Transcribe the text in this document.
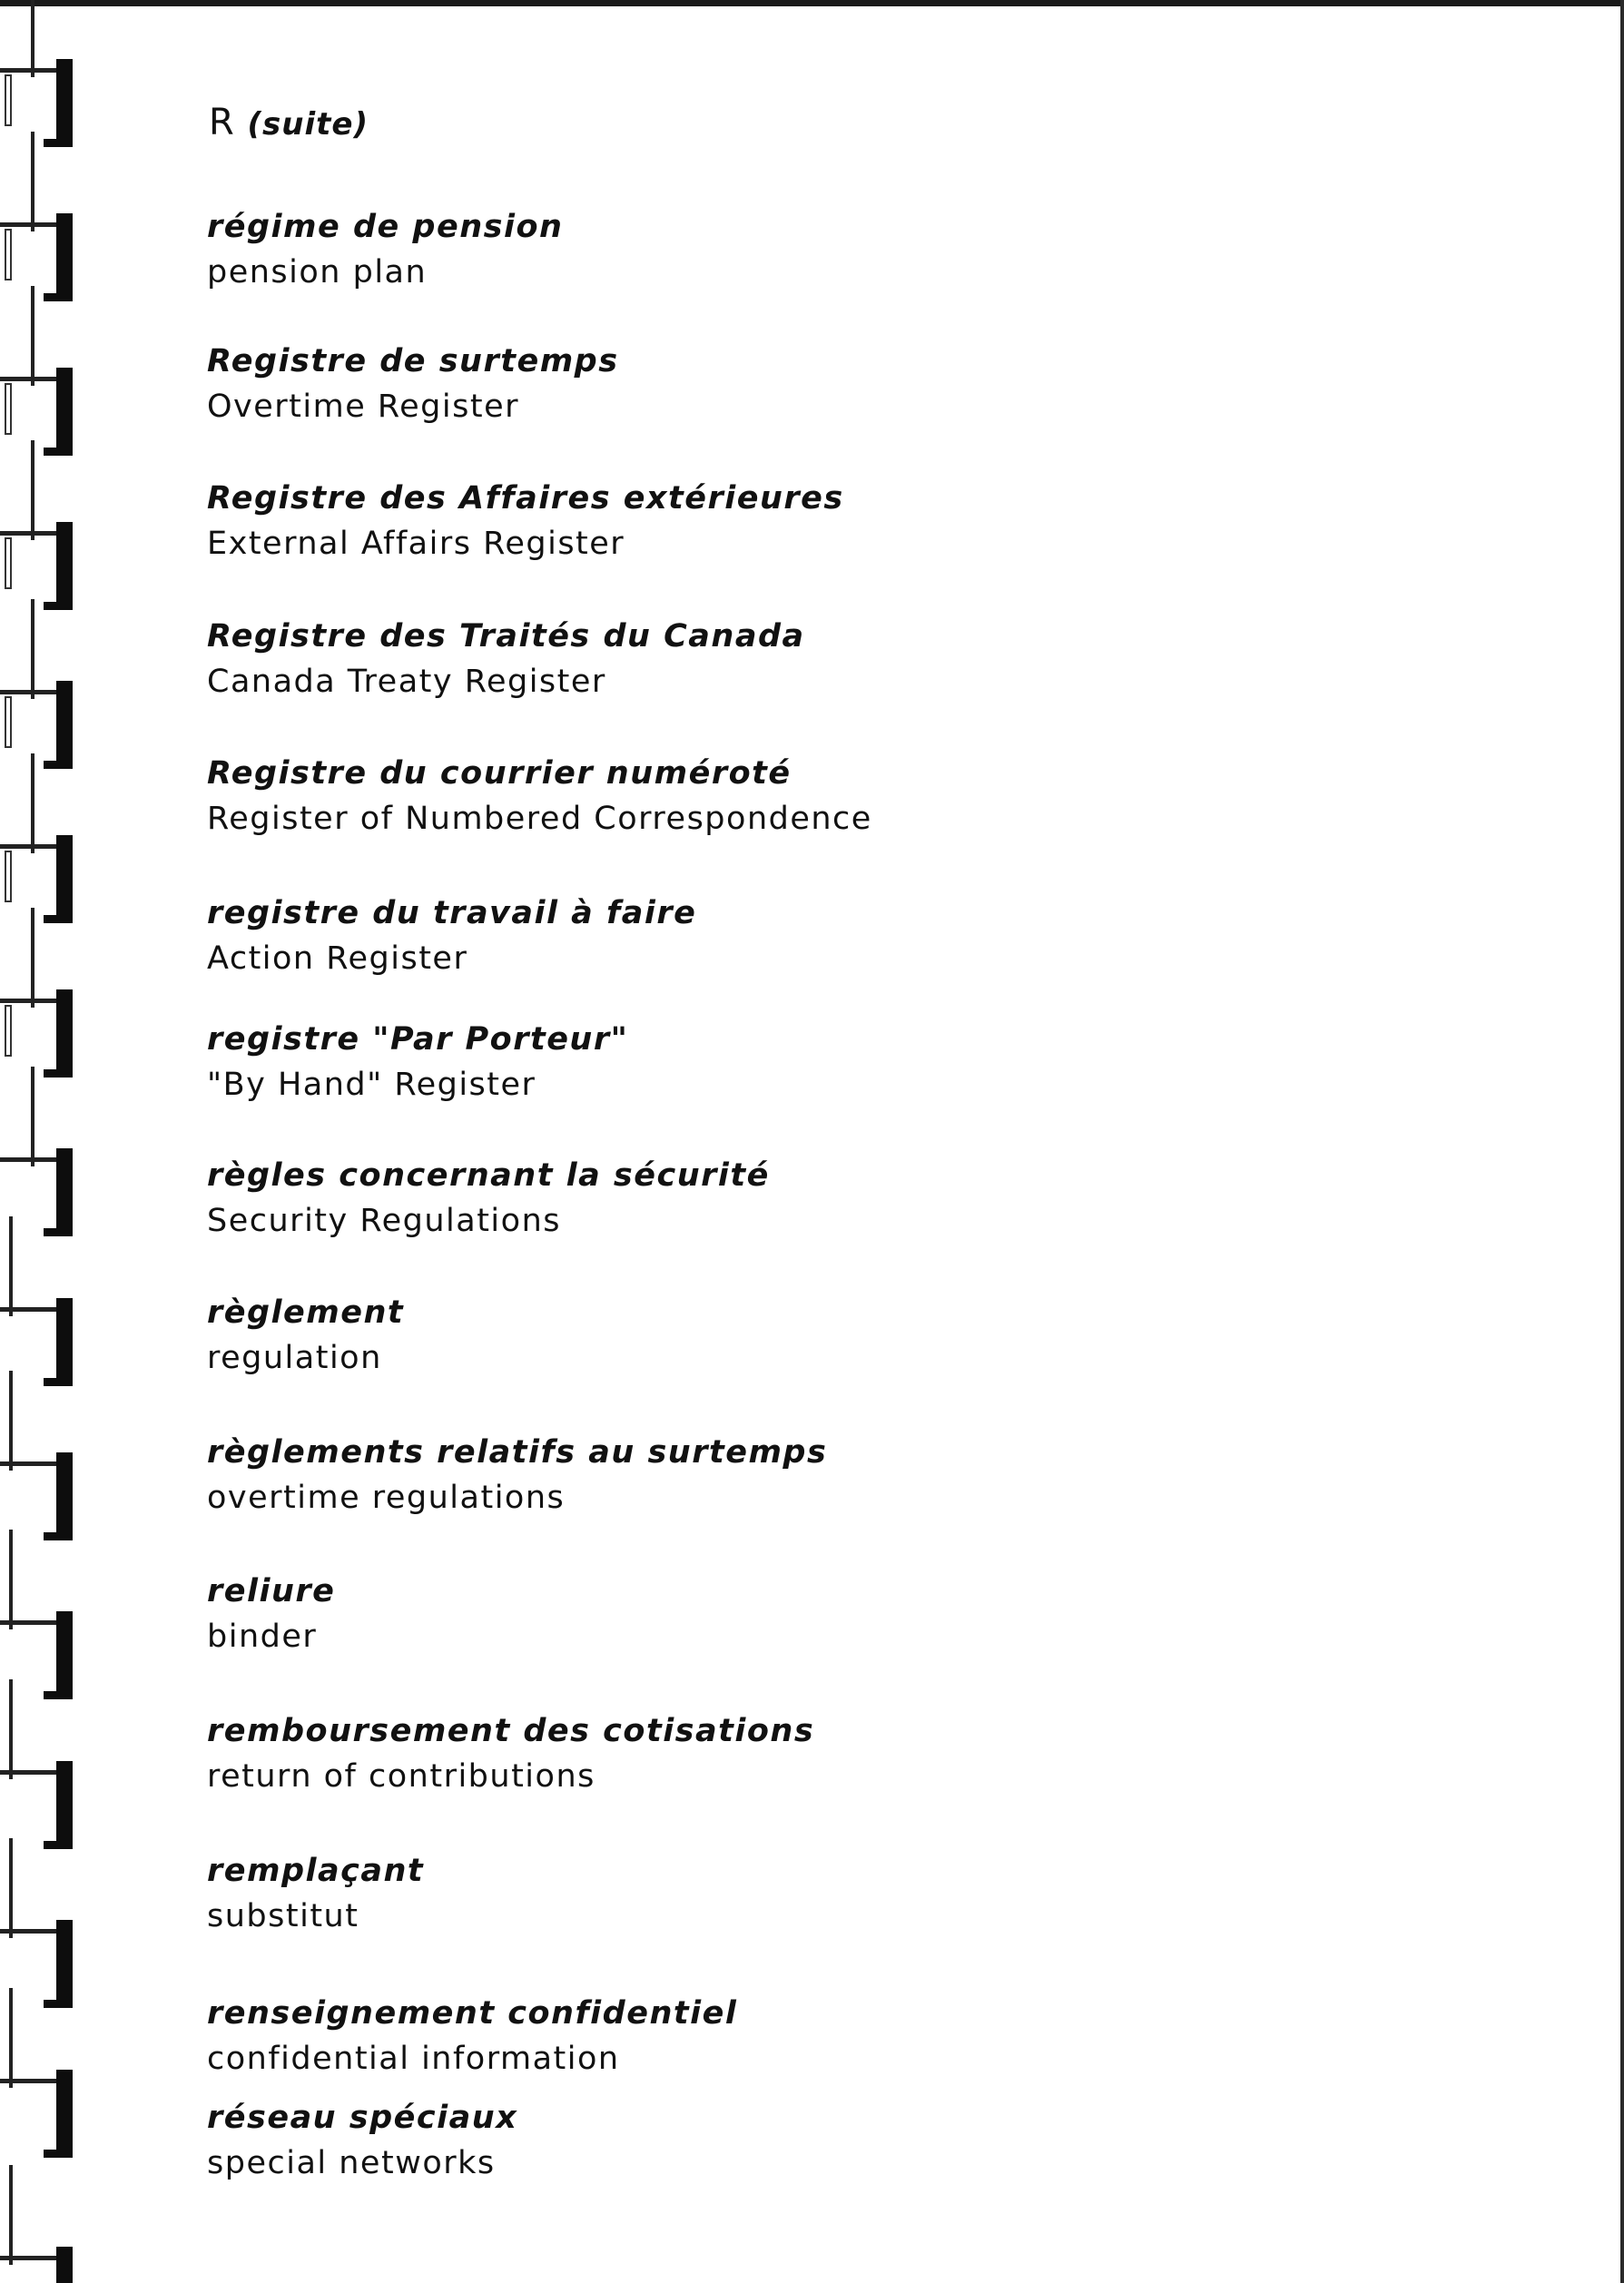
R (suite)
régime de pension
pension plan
Registre de surtemps
Overtime Register
Registre des Affaires extérieures
External Affairs Register
Registre des Traités du Canada
Canada Treaty Register
Registre du courrier numéroté
Register of Numbered Correspondence
registre du travail à faire
Action Register
registre "Par Porteur"
"By Hand" Register
règles concernant la sécurité
Security Regulations
règlement
regulation
règlements relatifs au surtemps
overtime regulations
reliure
binder
remboursement des cotisations
return of contributions
remplaçant
substitut
renseignement confidentiel
confidential information
réseau spéciaux
special networks
